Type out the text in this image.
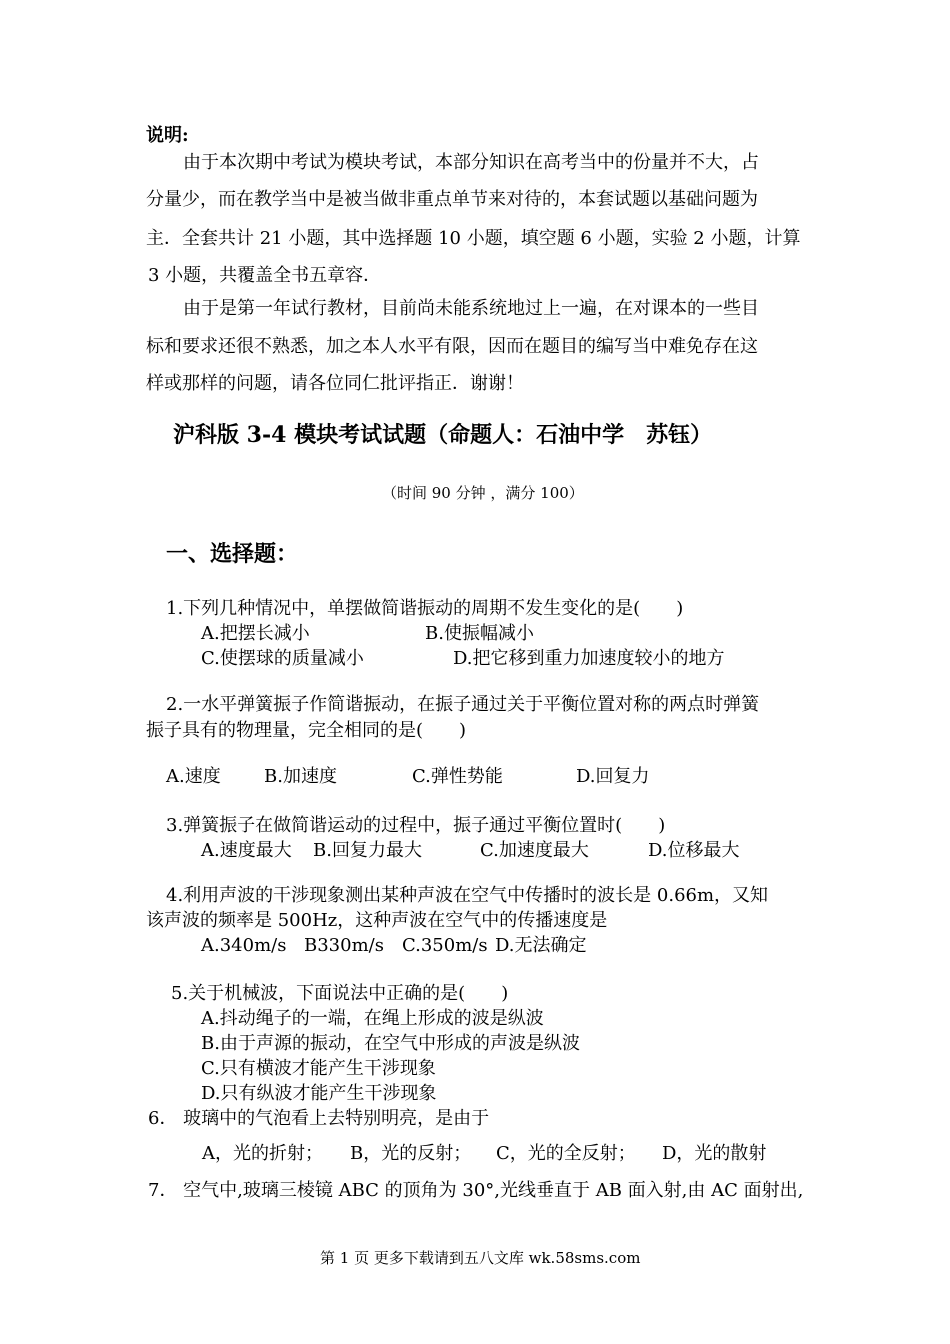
说明:
由于本次期中考试为模块考试，本部分知识在高考当中的份量并不大，占
分量少，而在教学当中是被当做非重点单节来对待的，本套试题以基础问题为
主．全套共计 21 小题，其中选择题 10 小题，填空题 6 小题，实验 2 小题，计算
3 小题，共覆盖全书五章容．
由于是第一年试行教材，目前尚未能系统地过上一遍，在对课本的一些目
标和要求还很不熟悉，加之本人水平有限，因而在题目的编写当中难免存在这
样或那样的问题，请各位同仁批评指正．谢谢！
沪科版 3-4 模块考试试题（命题人：石油中学　苏钰）
（时间 90 分钟 ，满分 100）
一、选择题：
1.下列几种情况中，单摆做简谐振动的周期不发生变化的是(　　)
A.把摆长减小	B.使振幅减小
C.使摆球的质量减小	D.把它移到重力加速度较小的地方
2.一水平弹簧振子作简谐振动，在振子通过关于平衡位置对称的两点时弹簧
振子具有的物理量，完全相同的是(　　)
A.速度 B.加速度	C.弹性势能	D.回复力
3.弹簧振子在做简谐运动的过程中，振子通过平衡位置时(　　)
A.速度最大 B.回复力最大	C.加速度最大	D.位移最大
4.利用声波的干涉现象测出某种声波在空气中传播时的波长是 0.66m，又知
该声波的频率是 500Hz，这种声波在空气中的传播速度是
A.340m/s B330m/s C.350m/s D.无法确定
5.关于机械波，下面说法中正确的是(　　)
A.抖动绳子的一端，在绳上形成的波是纵波
B.由于声源的振动，在空气中形成的声波是纵波
C.只有横波才能产生干涉现象
D.只有纵波才能产生干涉现象
6． 玻璃中的气泡看上去特别明亮，是由于
A，光的折射； B，光的反射； C，光的全反射； D，光的散射
7． 空气中,玻璃三棱镜 ABC 的顶角为 30°,光线垂直于 AB 面入射,由 AC 面射出,
第 1 页 更多下载请到五八文库 wk.58sms.com
